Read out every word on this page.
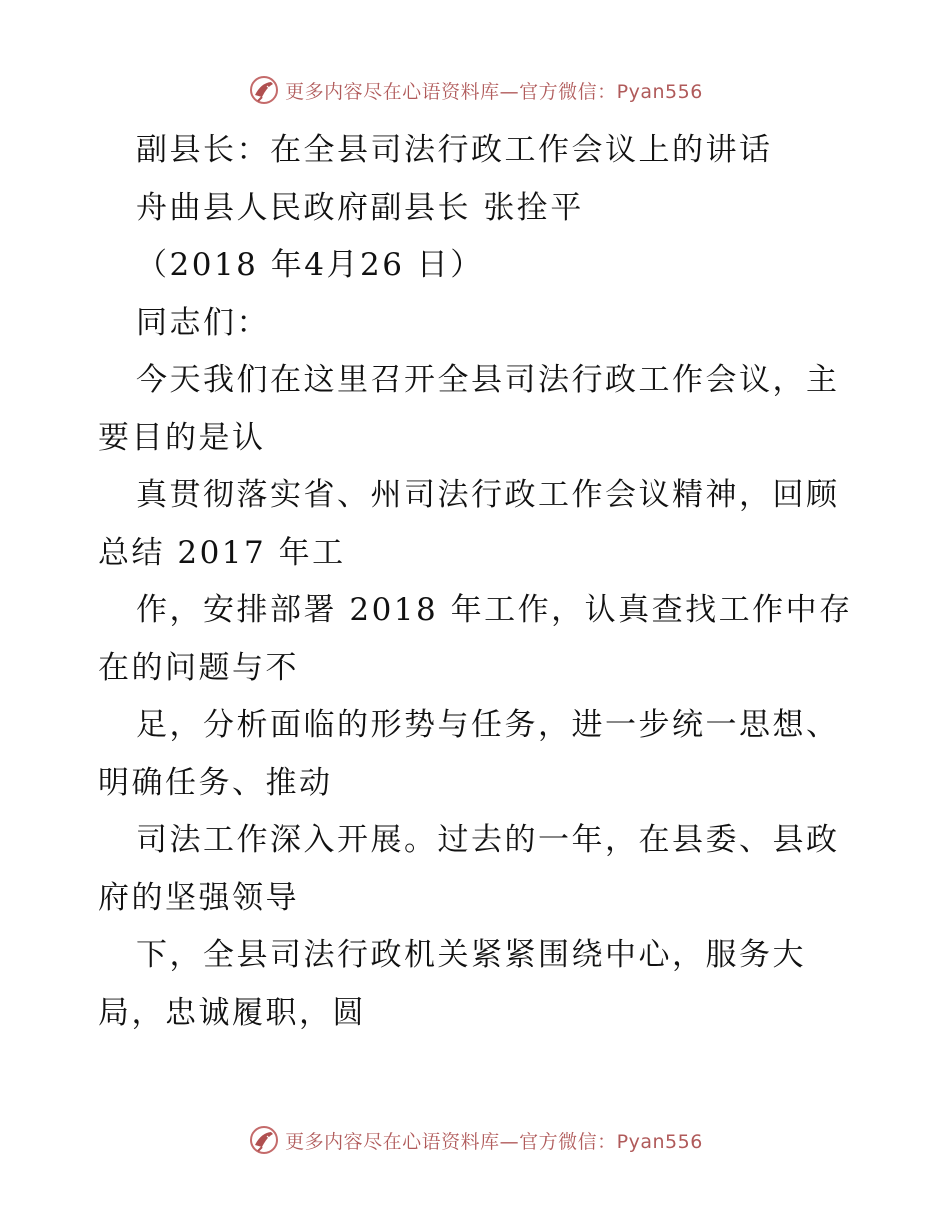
更多内容尽在心语资料库—官方微信：Pyan556
副县长：在全县司法行政工作会议上的讲话
舟曲县人民政府副县长 张拴平
（2018 年4月26 日）
同志们：
今天我们在这里召开全县司法行政工作会议，主
要目的是认
真贯彻落实省、州司法行政工作会议精神，回顾
总结 2017 年工
作，安排部署 2018 年工作，认真查找工作中存
在的问题与不
足，分析面临的形势与任务，进一步统一思想、
明确任务、推动
司法工作深入开展。过去的一年，在县委、县政
府的坚强领导
下，全县司法行政机关紧紧围绕中心，服务大
局，忠诚履职，圆
更多内容尽在心语资料库—官方微信：Pyan556
